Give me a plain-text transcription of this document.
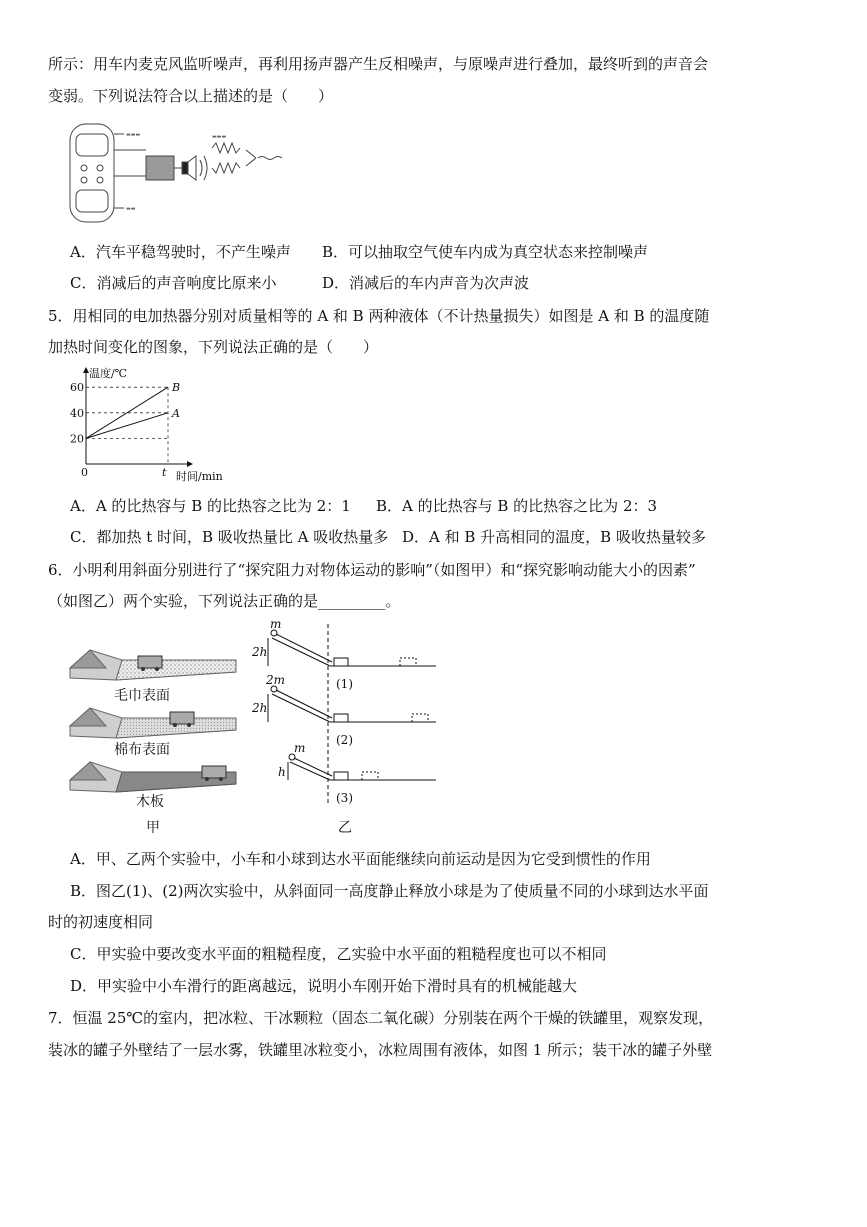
所示：用车内麦克风监听噪声，再利用扬声器产生反相噪声，与原噪声进行叠加，最终听到的声音会
变弱。下列说法符合以上描述的是（　　）
▬▬▬	▬▬▬
▬▬
A．汽车平稳驾驶时，不产生噪声 B．可以抽取空气使车内成为真空状态来控制噪声
C．消减后的声音响度比原来小	D．消减后的车内声音为次声波
5．用相同的电加热器分别对质量相等的 A 和 B 两种液体（不计热量损失）如图是 A 和 B 的温度随
加热时间变化的图象，下列说法正确的是（　　）
温度/℃
时间/min
0	t
20
40
60	B
A
A．A 的比热容与 B 的比热容之比为 2：1 B．A 的比热容与 B 的比热容之比为 2：3
C．都加热 t 时间，B 吸收热量比 A 吸收热量多 D．A 和 B 升高相同的温度，B 吸收热量较多
6．小明利用斜面分别进行了“探究阻力对物体运动的影响”（如图甲）和“探究影响动能大小的因素”
（如图乙）两个实验，下列说法正确的是_________。
毛巾表面
棉布表面
木板
甲
m
2h
2m
2h
m
h
(1)
(2)
(3)
乙
A．甲、乙两个实验中，小车和小球到达水平面能继续向前运动是因为它受到惯性的作用
B．图乙(1)、(2)两次实验中，从斜面同一高度静止释放小球是为了使质量不同的小球到达水平面
时的初速度相同
C．甲实验中要改变水平面的粗糙程度，乙实验中水平面的粗糙程度也可以不相同
D．甲实验中小车滑行的距离越远，说明小车刚开始下滑时具有的机械能越大
7．恒温 25℃的室内，把冰粒、干冰颗粒（固态二氧化碳）分别装在两个干燥的铁罐里，观察发现，
装冰的罐子外壁结了一层水雾，铁罐里冰粒变小，冰粒周围有液体，如图 1 所示；装干冰的罐子外壁
